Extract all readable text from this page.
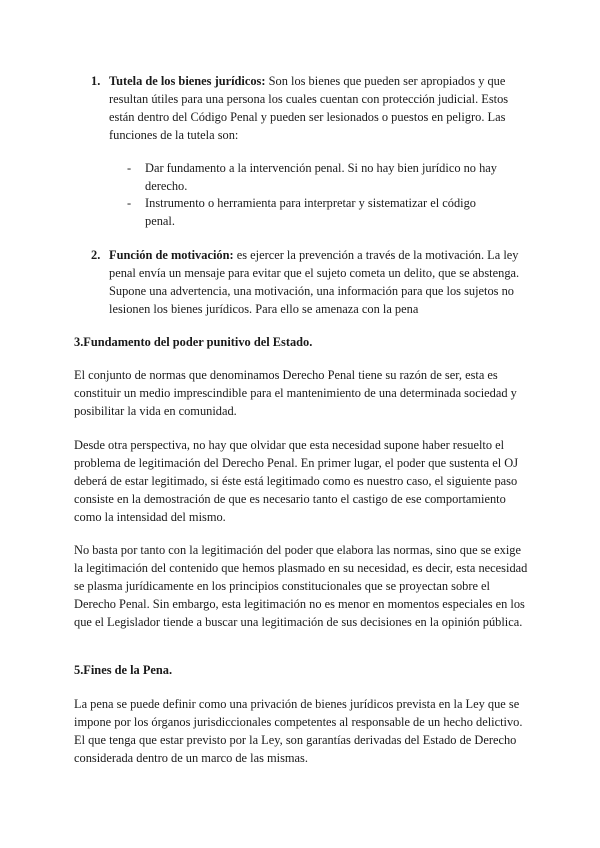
1. Tutela de los bienes jurídicos: Son los bienes que pueden ser apropiados y que resultan útiles para una persona los cuales cuentan con protección judicial. Estos están dentro del Código Penal y pueden ser lesionados o puestos en peligro. Las funciones de la tutela son:

- Dar fundamento a la intervención penal. Si no hay bien jurídico no hay derecho.

- Instrumento o herramienta para interpretar y sistematizar el código penal.

2. Función de motivación: es ejercer la prevención a través de la motivación. La ley penal envía un mensaje para evitar que el sujeto cometa un delito, que se abstenga. Supone una advertencia, una motivación, una información para que los sujetos no lesionen los bienes jurídicos. Para ello se amenaza con la pena

3.Fundamento del poder punitivo del Estado.

El conjunto de normas que denominamos Derecho Penal tiene su razón de ser, esta es constituir un medio imprescindible para el mantenimiento de una determinada sociedad y posibilitar la vida en comunidad.

Desde otra perspectiva, no hay que olvidar que esta necesidad supone haber resuelto el problema de legitimación del Derecho Penal. En primer lugar, el poder que sustenta el OJ deberá de estar legitimado, si éste está legitimado como es nuestro caso, el siguiente paso consiste en la demostración de que es necesario tanto el castigo de ese comportamiento como la intensidad del mismo.

No basta por tanto con la legitimación del poder que elabora las normas, sino que se exige la legitimación del contenido que hemos plasmado en su necesidad, es decir, esta necesidad se plasma jurídicamente en los principios constitucionales que se proyectan sobre el Derecho Penal. Sin embargo, esta legitimación no es menor en momentos especiales en los que el Legislador tiende a buscar una legitimación de sus decisiones en la opinión pública.

5.Fines de la Pena.

La pena se puede definir como una privación de bienes jurídicos prevista en la Ley que se impone por los órganos jurisdiccionales competentes al responsable de un hecho delictivo. El que tenga que estar previsto por la Ley, son garantías derivadas del Estado de Derecho considerada dentro de un marco de las mismas.
